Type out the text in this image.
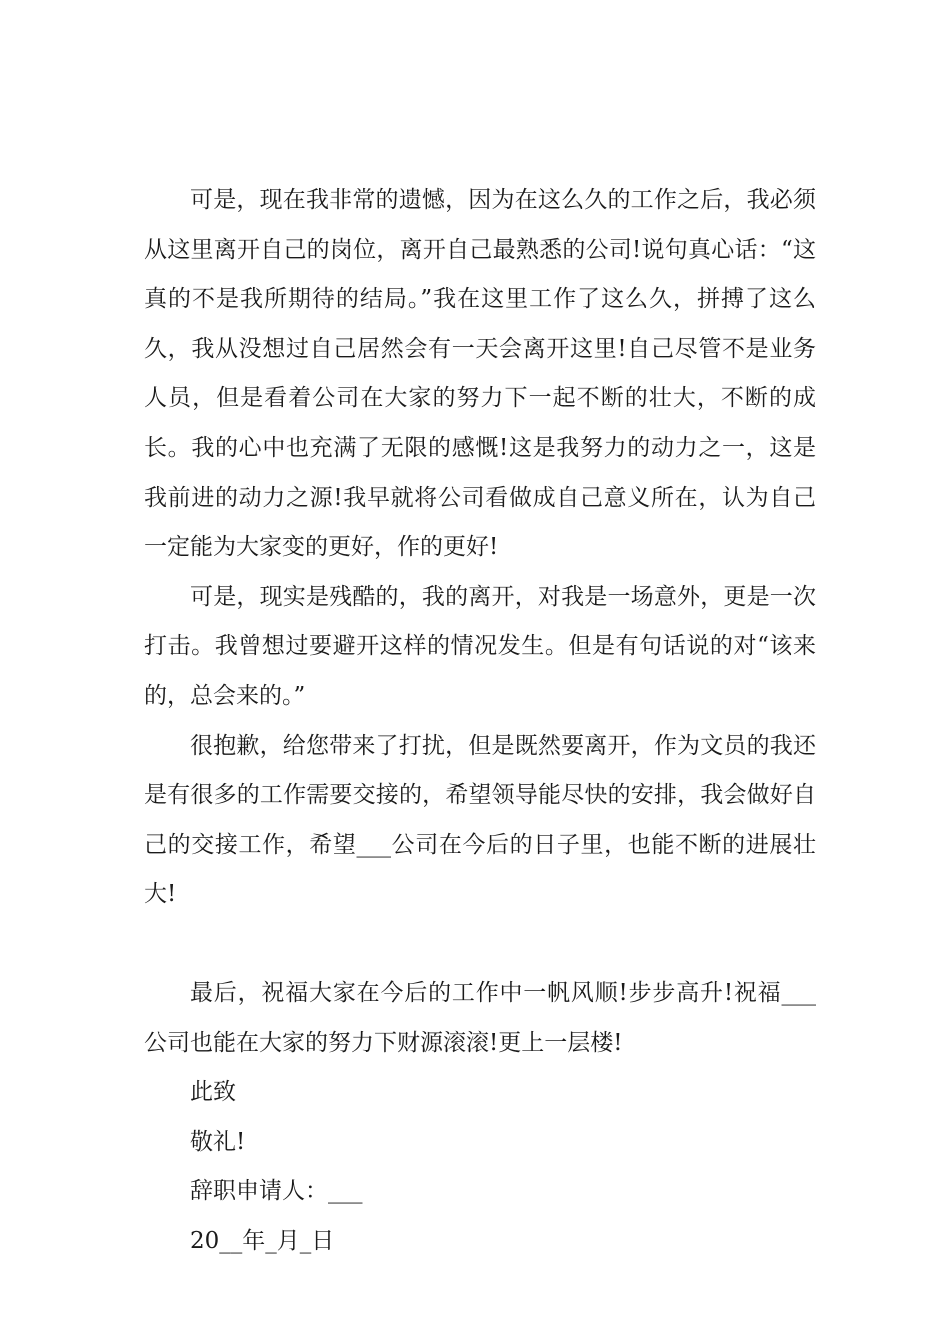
可是，现在我非常的遗憾，因为在这么久的工作之后，我必须从这里离开自己的岗位，离开自己最熟悉的公司!说句真心话：“这真的不是我所期待的结局。”我在这里工作了这么久，拼搏了这么久，我从没想过自己居然会有一天会离开这里!自己尽管不是业务人员，但是看着公司在大家的努力下一起不断的壮大，不断的成长。我的心中也充满了无限的感慨!这是我努力的动力之一，这是我前进的动力之源!我早就将公司看做成自己意义所在，认为自己一定能为大家变的更好，作的更好!

可是，现实是残酷的，我的离开，对我是一场意外，更是一次打击。我曾想过要避开这样的情况发生。但是有句话说的对“该来的，总会来的。”

很抱歉，给您带来了打扰，但是既然要离开，作为文员的我还是有很多的工作需要交接的，希望领导能尽快的安排，我会做好自己的交接工作，希望___公司在今后的日子里，也能不断的进展壮大!

最后，祝福大家在今后的工作中一帆风顺!步步高升!祝福___公司也能在大家的努力下财源滚滚!更上一层楼!

此致

敬礼!

辞职申请人：___

20__年_月_日
